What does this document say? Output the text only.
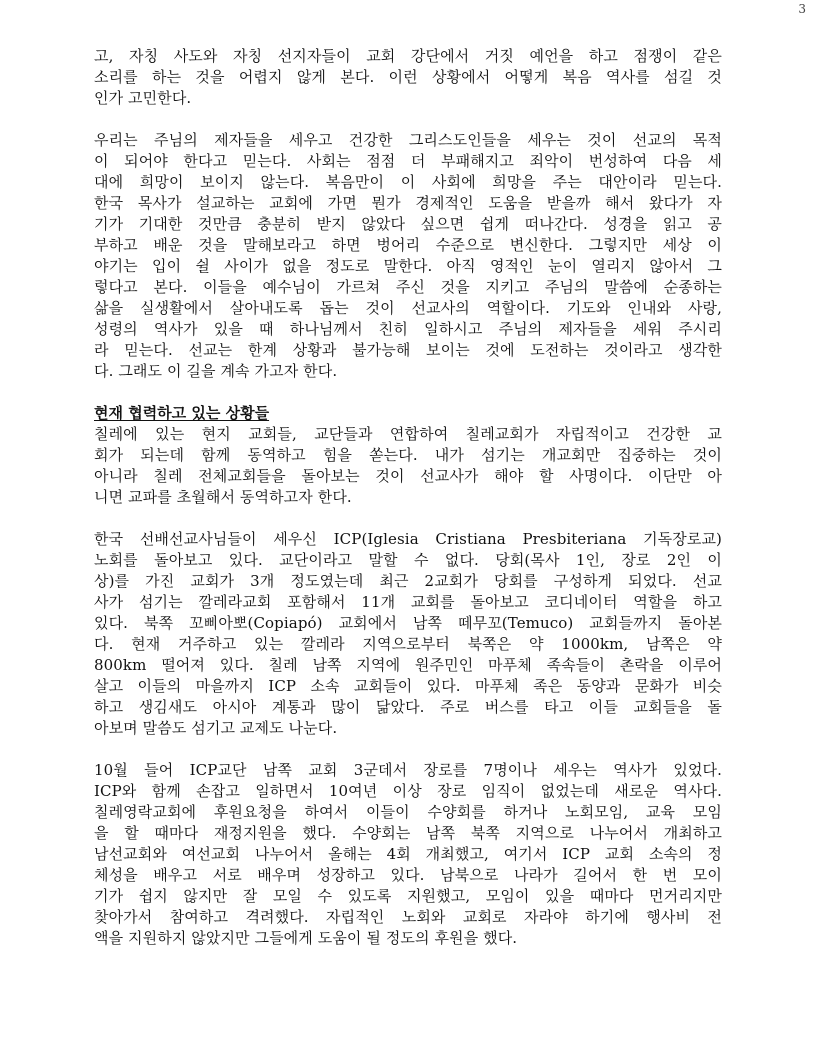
3
고, 자칭 사도와 자칭 선지자들이 교회 강단에서 거짓 예언을 하고 점쟁이 같은
소리를 하는 것을 어렵지 않게 본다. 이런 상황에서 어떻게 복음 역사를 섬길 것
인가 고민한다.
우리는 주님의 제자들을 세우고 건강한 그리스도인들을 세우는 것이 선교의 목적
이 되어야 한다고 믿는다. 사회는 점점 더 부패해지고 죄악이 번성하여 다음 세
대에 희망이 보이지 않는다. 복음만이 이 사회에 희망을 주는 대안이라 믿는다.
한국 목사가 설교하는 교회에 가면 뭔가 경제적인 도움을 받을까 해서 왔다가 자
기가 기대한 것만큼 충분히 받지 않았다 싶으면 쉽게 떠나간다. 성경을 읽고 공
부하고 배운 것을 말해보라고 하면 벙어리 수준으로 변신한다. 그렇지만 세상 이
야기는 입이 쉴 사이가 없을 정도로 말한다. 아직 영적인 눈이 열리지 않아서 그
렇다고 본다. 이들을 예수님이 가르쳐 주신 것을 지키고 주님의 말씀에 순종하는
삶을 실생활에서 살아내도록 돕는 것이 선교사의 역할이다. 기도와 인내와 사랑,
성령의 역사가 있을 때 하나님께서 친히 일하시고 주님의 제자들을 세워 주시리
라 믿는다. 선교는 한계 상황과 불가능해 보이는 것에 도전하는 것이라고 생각한
다. 그래도 이 길을 계속 가고자 한다.
현재 협력하고 있는 상황들
칠레에 있는 현지 교회들, 교단들과 연합하여 칠레교회가 자립적이고 건강한 교
회가 되는데 함께 동역하고 힘을 쏟는다. 내가 섬기는 개교회만 집중하는 것이
아니라 칠레 전체교회들을 돌아보는 것이 선교사가 해야 할 사명이다. 이단만 아
니면 교파를 초월해서 동역하고자 한다.
한국 선배선교사님들이 세우신 ICP(Iglesia Cristiana Presbiteriana 기독장로교)
노회를 돌아보고 있다. 교단이라고 말할 수 없다. 당회(목사 1인, 장로 2인 이
상)를 가진 교회가 3개 정도였는데 최근 2교회가 당회를 구성하게 되었다. 선교
사가 섬기는 깔레라교회 포함해서 11개 교회를 돌아보고 코디네이터 역할을 하고
있다. 북쪽 꼬삐아뽀(Copiapó) 교회에서 남쪽 떼무꼬(Temuco) 교회들까지 돌아본
다. 현재 거주하고 있는 깔레라 지역으로부터 북쪽은 약 1000km, 남쪽은 약
800km 떨어져 있다. 칠레 남쪽 지역에 원주민인 마푸체 족속들이 촌락을 이루어
살고 이들의 마을까지 ICP 소속 교회들이 있다. 마푸체 족은 동양과 문화가 비슷
하고 생김새도 아시아 계통과 많이 닮았다. 주로 버스를 타고 이들 교회들을 돌
아보며 말씀도 섬기고 교제도 나눈다.
10월 들어 ICP교단 남쪽 교회 3군데서 장로를 7명이나 세우는 역사가 있었다.
ICP와 함께 손잡고 일하면서 10여년 이상 장로 임직이 없었는데 새로운 역사다.
칠레영락교회에 후원요청을 하여서 이들이 수양회를 하거나 노회모임, 교육 모임
을 할 때마다 재정지원을 했다. 수양회는 남쪽 북쪽 지역으로 나누어서 개최하고
남선교회와 여선교회 나누어서 올해는 4회 개최했고, 여기서 ICP 교회 소속의 정
체성을 배우고 서로 배우며 성장하고 있다. 남북으로 나라가 길어서 한 번 모이
기가 쉽지 않지만 잘 모일 수 있도록 지원했고, 모임이 있을 때마다 먼거리지만
찾아가서 참여하고 격려했다. 자립적인 노회와 교회로 자라야 하기에 행사비 전
액을 지원하지 않았지만 그들에게 도움이 될 정도의 후원을 했다.
